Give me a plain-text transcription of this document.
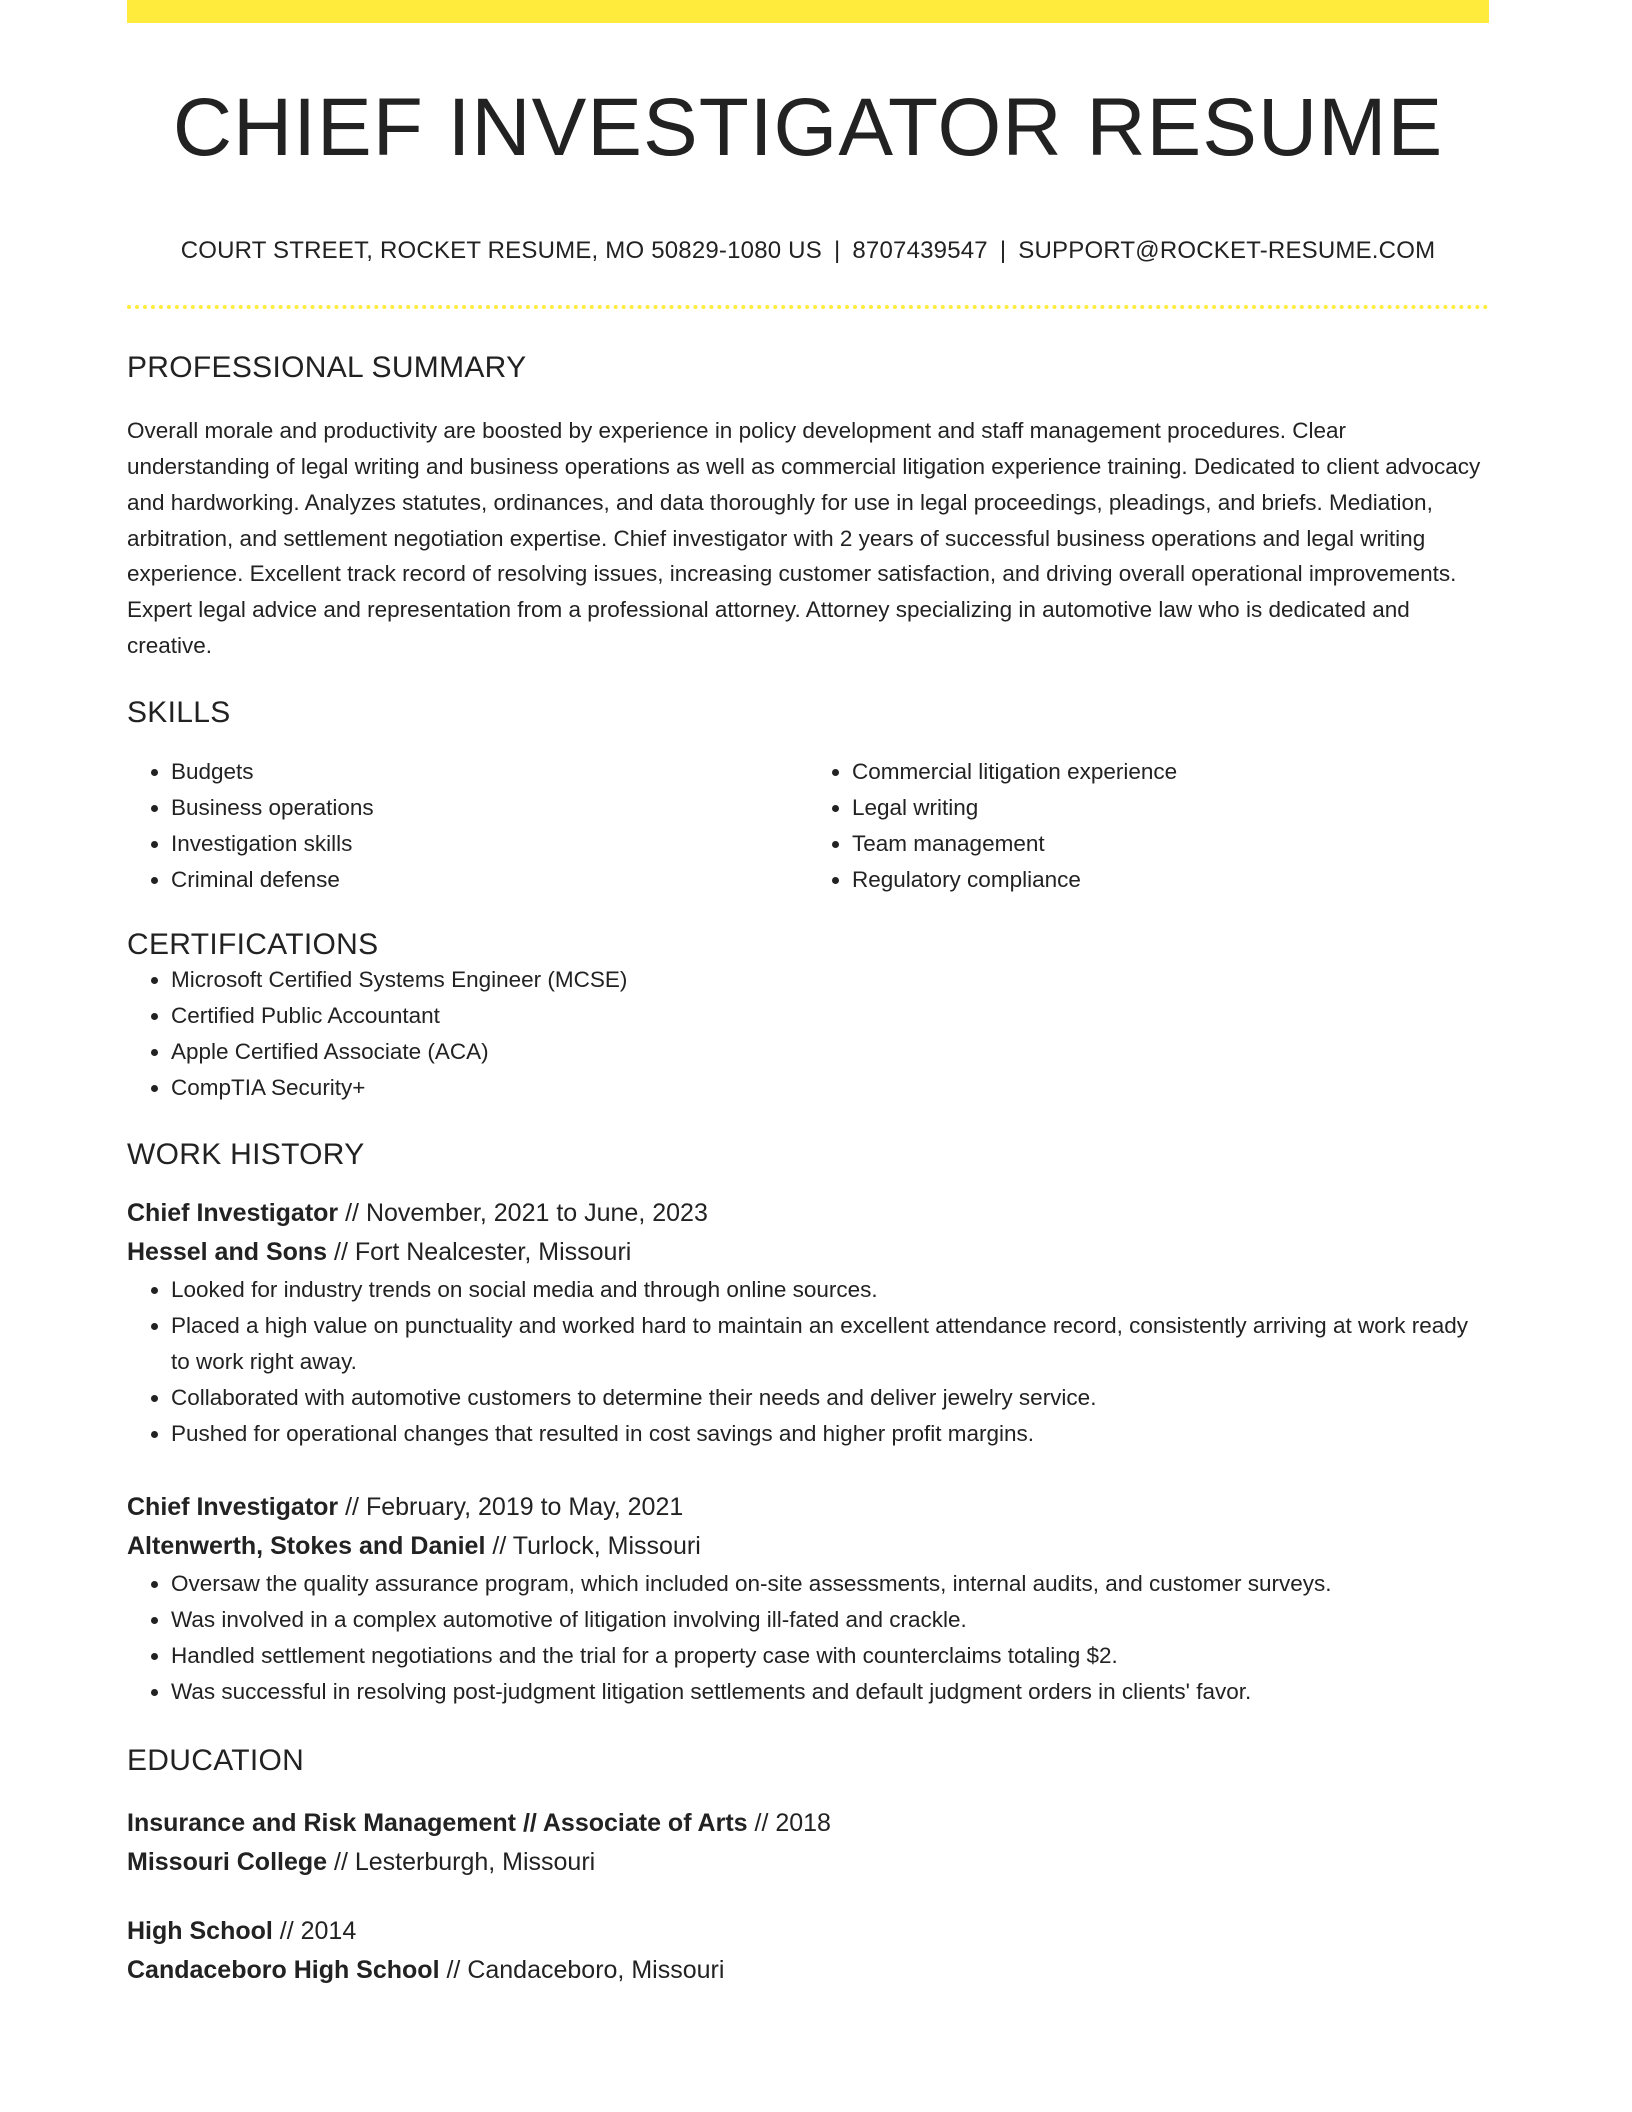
CHIEF INVESTIGATOR RESUME
COURT STREET, ROCKET RESUME, MO 50829-1080 US | 8707439547 | SUPPORT@ROCKET-RESUME.COM
PROFESSIONAL SUMMARY
Overall morale and productivity are boosted by experience in policy development and staff management procedures. Clear understanding of legal writing and business operations as well as commercial litigation experience training. Dedicated to client advocacy and hardworking. Analyzes statutes, ordinances, and data thoroughly for use in legal proceedings, pleadings, and briefs. Mediation, arbitration, and settlement negotiation expertise. Chief investigator with 2 years of successful business operations and legal writing experience. Excellent track record of resolving issues, increasing customer satisfaction, and driving overall operational improvements. Expert legal advice and representation from a professional attorney. Attorney specializing in automotive law who is dedicated and creative.
SKILLS
• Budgets
• Business operations
• Investigation skills
• Criminal defense
• Commercial litigation experience
• Legal writing
• Team management
• Regulatory compliance
CERTIFICATIONS
• Microsoft Certified Systems Engineer (MCSE)
• Certified Public Accountant
• Apple Certified Associate (ACA)
• CompTIA Security+
WORK HISTORY
Chief Investigator // November, 2021 to June, 2023
Hessel and Sons // Fort Nealcester, Missouri
• Looked for industry trends on social media and through online sources.
• Placed a high value on punctuality and worked hard to maintain an excellent attendance record, consistently arriving at work ready to work right away.
• Collaborated with automotive customers to determine their needs and deliver jewelry service.
• Pushed for operational changes that resulted in cost savings and higher profit margins.
Chief Investigator // February, 2019 to May, 2021
Altenwerth, Stokes and Daniel // Turlock, Missouri
• Oversaw the quality assurance program, which included on-site assessments, internal audits, and customer surveys.
• Was involved in a complex automotive of litigation involving ill-fated and crackle.
• Handled settlement negotiations and the trial for a property case with counterclaims totaling $2.
• Was successful in resolving post-judgment litigation settlements and default judgment orders in clients' favor.
EDUCATION
Insurance and Risk Management // Associate of Arts // 2018
Missouri College // Lesterburgh, Missouri
High School // 2014
Candaceboro High School // Candaceboro, Missouri
